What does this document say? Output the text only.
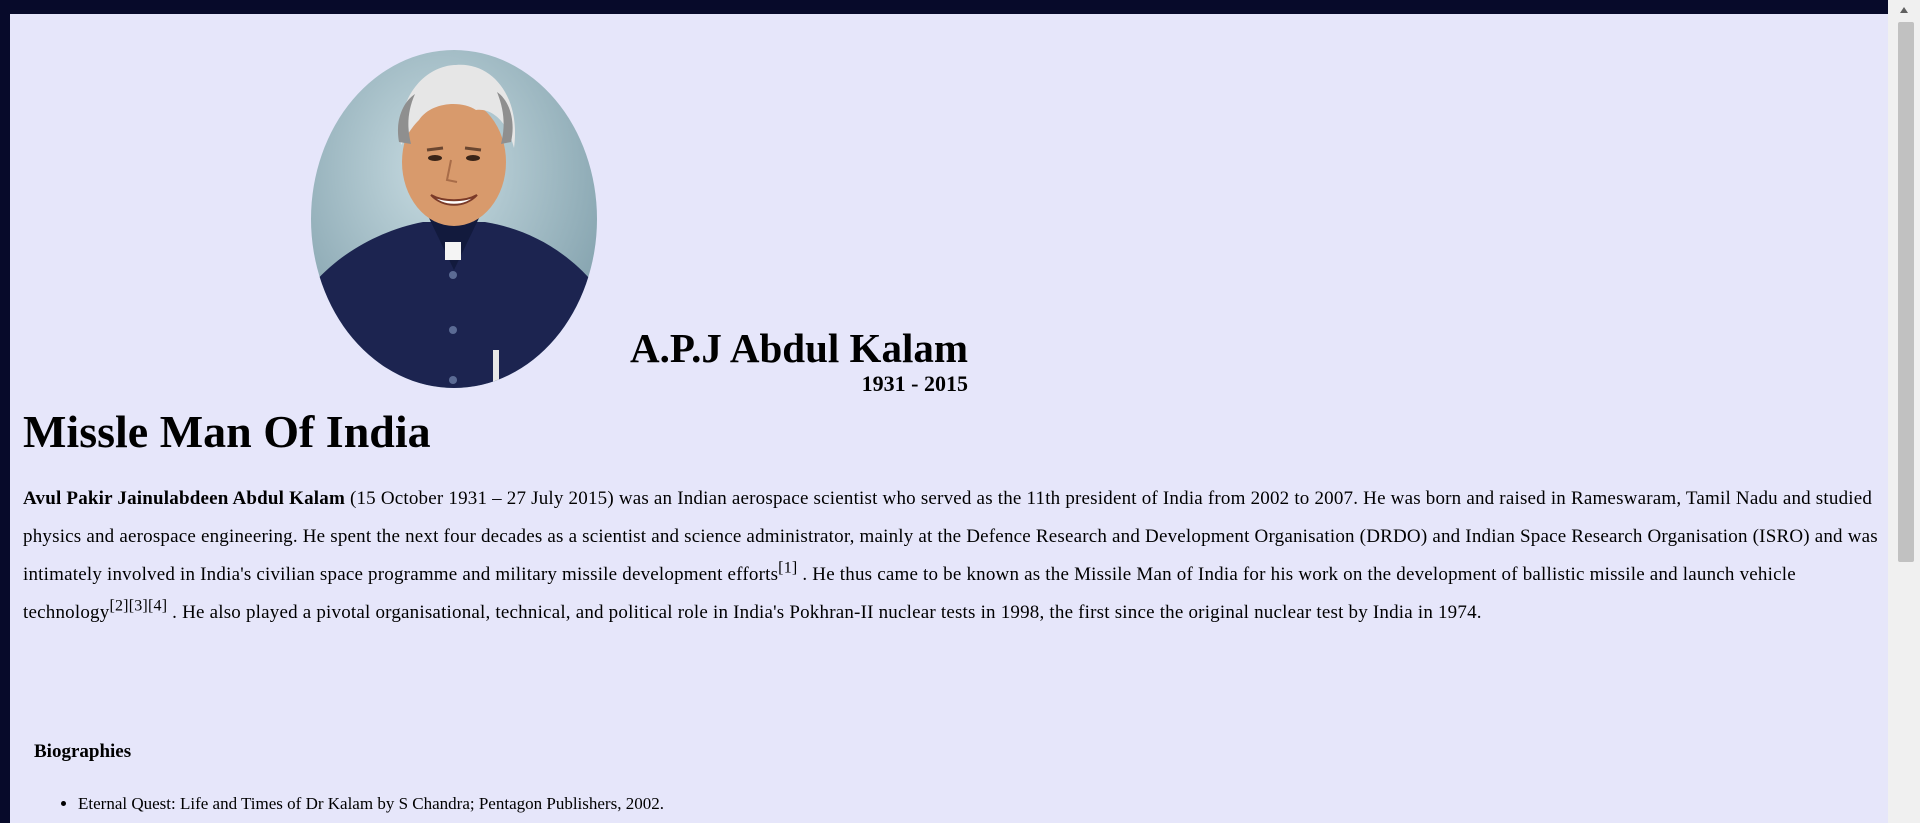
A.P.J Abdul Kalam
1931 - 2015
Missle Man Of India

Avul Pakir Jainulabdeen Abdul Kalam (15 October 1931 – 27 July 2015) was an Indian aerospace scientist who served as the 11th president of India from 2002 to 2007. He was born and raised in Rameswaram, Tamil Nadu and studied physics and aerospace engineering. He spent the next four decades as a scientist and science administrator, mainly at the Defence Research and Development Organisation (DRDO) and Indian Space Research Organisation (ISRO) and was intimately involved in India's civilian space programme and military missile development efforts[1] . He thus came to be known as the Missile Man of India for his work on the development of ballistic missile and launch vehicle technology[2][3][4] . He also played a pivotal organisational, technical, and political role in India's Pokhran-II nuclear tests in 1998, the first since the original nuclear test by India in 1974.

Biographies
• Eternal Quest: Life and Times of Dr Kalam by S Chandra; Pentagon Publishers, 2002.
